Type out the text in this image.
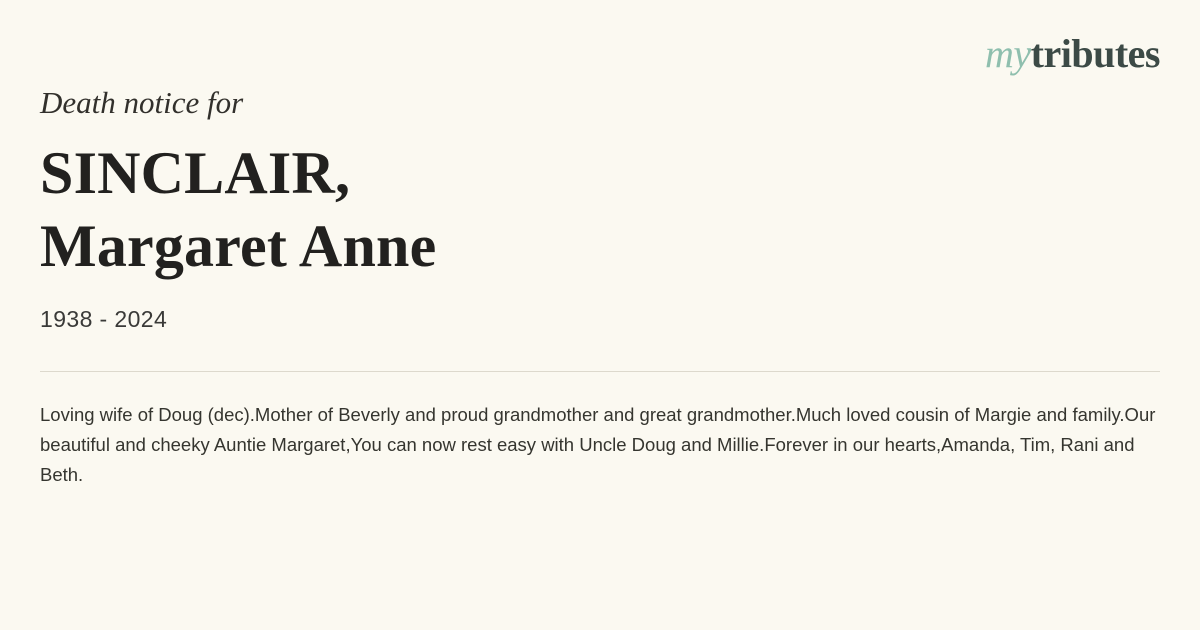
mytributes

Death notice for

SINCLAIR,
Margaret Anne
1938 - 2024

Loving wife of Doug (dec).Mother of Beverly and proud grandmother and great grandmother.Much loved cousin of Margie and family.Our beautiful and cheeky Auntie Margaret,You can now rest easy with Uncle Doug and Millie.Forever in our hearts,Amanda, Tim, Rani and Beth.
